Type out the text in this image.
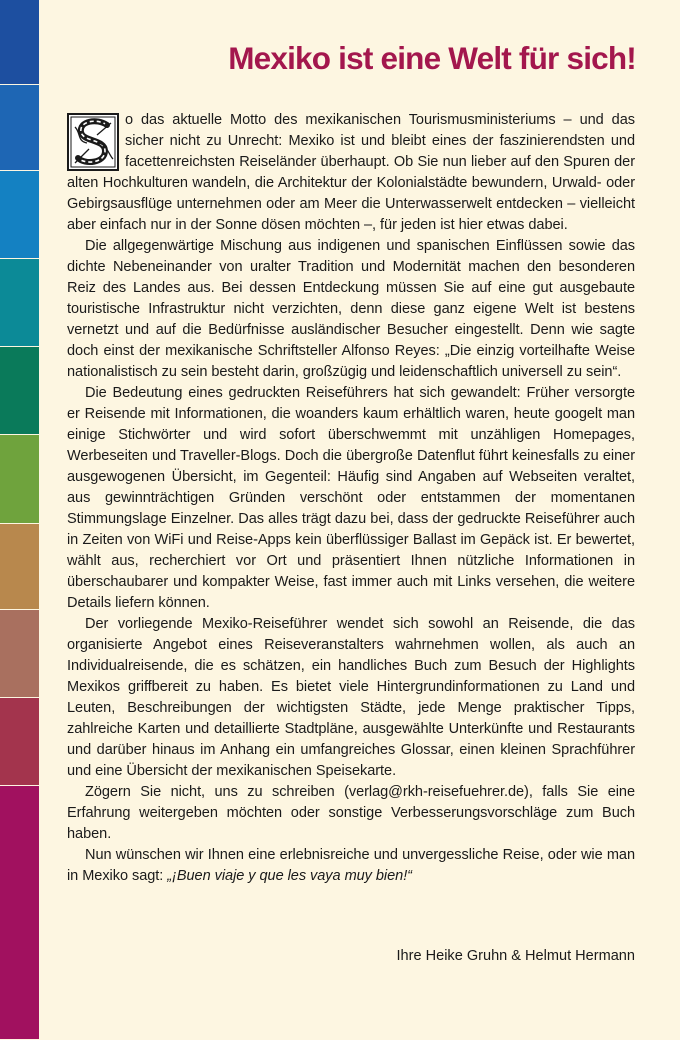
Mexiko ist eine Welt für sich!

o das aktuelle Motto des mexikanischen Tourismusministeriums – und das sicher nicht zu Unrecht: Mexiko ist und bleibt eines der faszinierendsten und facettenreichsten Reiseländer überhaupt. Ob Sie nun lieber auf den Spuren der alten Hochkulturen wandeln, die Architektur der Kolonialstädte bewundern, Urwald- oder Gebirgsausflüge unternehmen oder am Meer die Unterwasserwelt entdecken – vielleicht aber einfach nur in der Sonne dösen möchten –, für jeden ist hier etwas dabei.

Die allgegenwärtige Mischung aus indigenen und spanischen Einflüssen sowie das dichte Nebeneinander von uralter Tradition und Modernität machen den besonderen Reiz des Landes aus. Bei dessen Entdeckung müssen Sie auf eine gut ausgebaute touristische Infrastruktur nicht verzichten, denn diese ganz eigene Welt ist bestens vernetzt und auf die Bedürfnisse ausländischer Besucher eingestellt. Denn wie sagte doch einst der mexikanische Schriftsteller Alfonso Reyes: „Die einzig vorteilhafte Weise nationalistisch zu sein besteht darin, großzügig und leidenschaftlich universell zu sein“.

Die Bedeutung eines gedruckten Reiseführers hat sich gewandelt: Früher versorgte er Reisende mit Informationen, die woanders kaum erhältlich waren, heute googelt man einige Stichwörter und wird sofort überschwemmt mit unzähligen Homepages, Werbeseiten und Traveller-Blogs. Doch die übergroße Datenflut führt keinesfalls zu einer ausgewogenen Übersicht, im Gegenteil: Häufig sind Angaben auf Webseiten veraltet, aus gewinnträchtigen Gründen verschönt oder entstammen der momentanen Stimmungslage Einzelner. Das alles trägt dazu bei, dass der gedruckte Reiseführer auch in Zeiten von WiFi und Reise-Apps kein überflüssiger Ballast im Gepäck ist. Er bewertet, wählt aus, recherchiert vor Ort und präsentiert Ihnen nützliche Informationen in überschaubarer und kompakter Weise, fast immer auch mit Links versehen, die weitere Details liefern können.

Der vorliegende Mexiko-Reiseführer wendet sich sowohl an Reisende, die das organisierte Angebot eines Reiseveranstalters wahrnehmen wollen, als auch an Individualreisende, die es schätzen, ein handliches Buch zum Besuch der Highlights Mexikos griffbereit zu haben. Es bietet viele Hintergrundinformationen zu Land und Leuten, Beschreibungen der wichtigsten Städte, jede Menge praktischer Tipps, zahlreiche Karten und detaillierte Stadtpläne, ausgewählte Unterkünfte und Restaurants und darüber hinaus im Anhang ein umfangreiches Glossar, einen kleinen Sprachführer und eine Übersicht der mexikanischen Speisekarte.

Zögern Sie nicht, uns zu schreiben (verlag@rkh-reisefuehrer.de), falls Sie eine Erfahrung weitergeben möchten oder sonstige Verbesserungsvorschläge zum Buch haben.

Nun wünschen wir Ihnen eine erlebnisreiche und unvergessliche Reise, oder wie man in Mexiko sagt: „¡Buen viaje y que les vaya muy bien!“

Ihre Heike Gruhn & Helmut Hermann
